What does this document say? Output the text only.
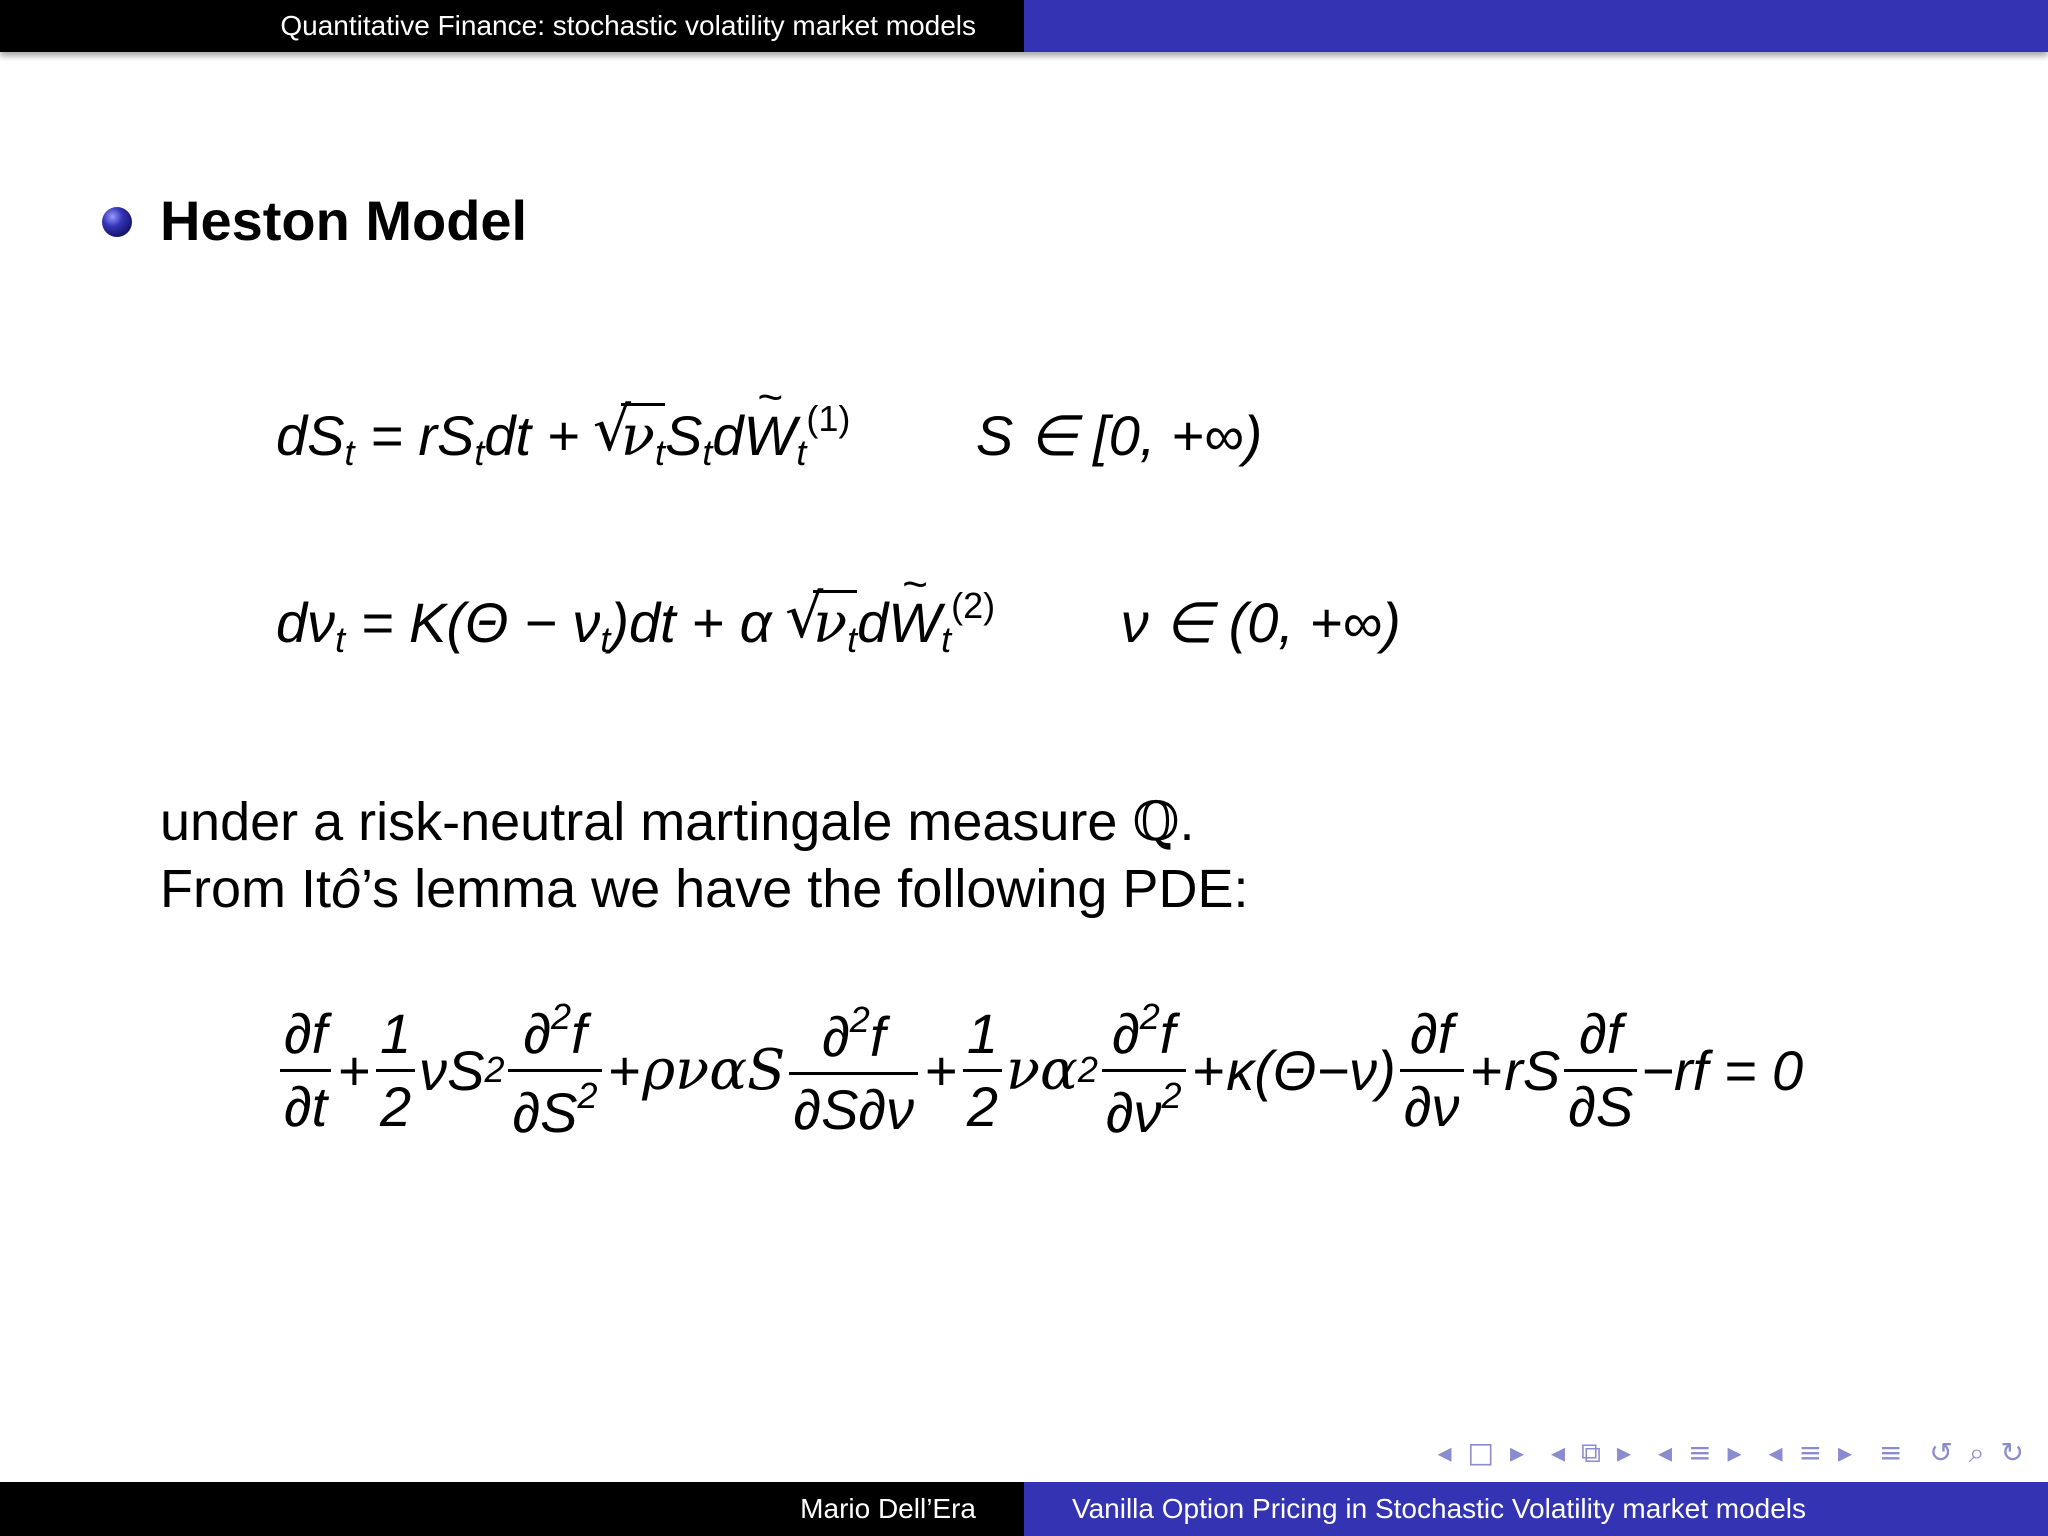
Quantitative Finance: stochastic volatility market models
Heston Model
$dS_t = rS_tdt$ + √ $\nu_tS_tdW$ $\sim_t^{(1)}$ S ∈ [0, +∞)
$d\nu_t = K(\Theta - \nu_t)dt + \alpha$ √ $\nu_tdW$ $\sim_t^{(2)}$ ν ∈ (0, +∞)
under a risk-neutral martingale measure ℚ.
From Itô’s lemma we have the following PDE:
$\frac{\partial f}{\partial t} + \frac{1}{2}$ νS $2 \frac{\partial^2f}{\partial S^2} + \rho\nu\alpha S \frac{\partial^2f}{\partial S\partial\nu} + \frac{1}{2}$ να $2 \frac{\partial^2f}{\partial\nu^2} + \kappa(\Theta-\nu) \frac{\partial f}{\partial\nu}$ + rS $\frac{\partial f}{\partial S} -rf = 0$
◂ □ ▸ ◂ ⧉ ▸ ◂ ≡ ▸ ◂ ≡ ▸ ≡ ↺ ⌕ ↻
Mario Dell’Era	Vanilla Option Pricing in Stochastic Volatility market models
